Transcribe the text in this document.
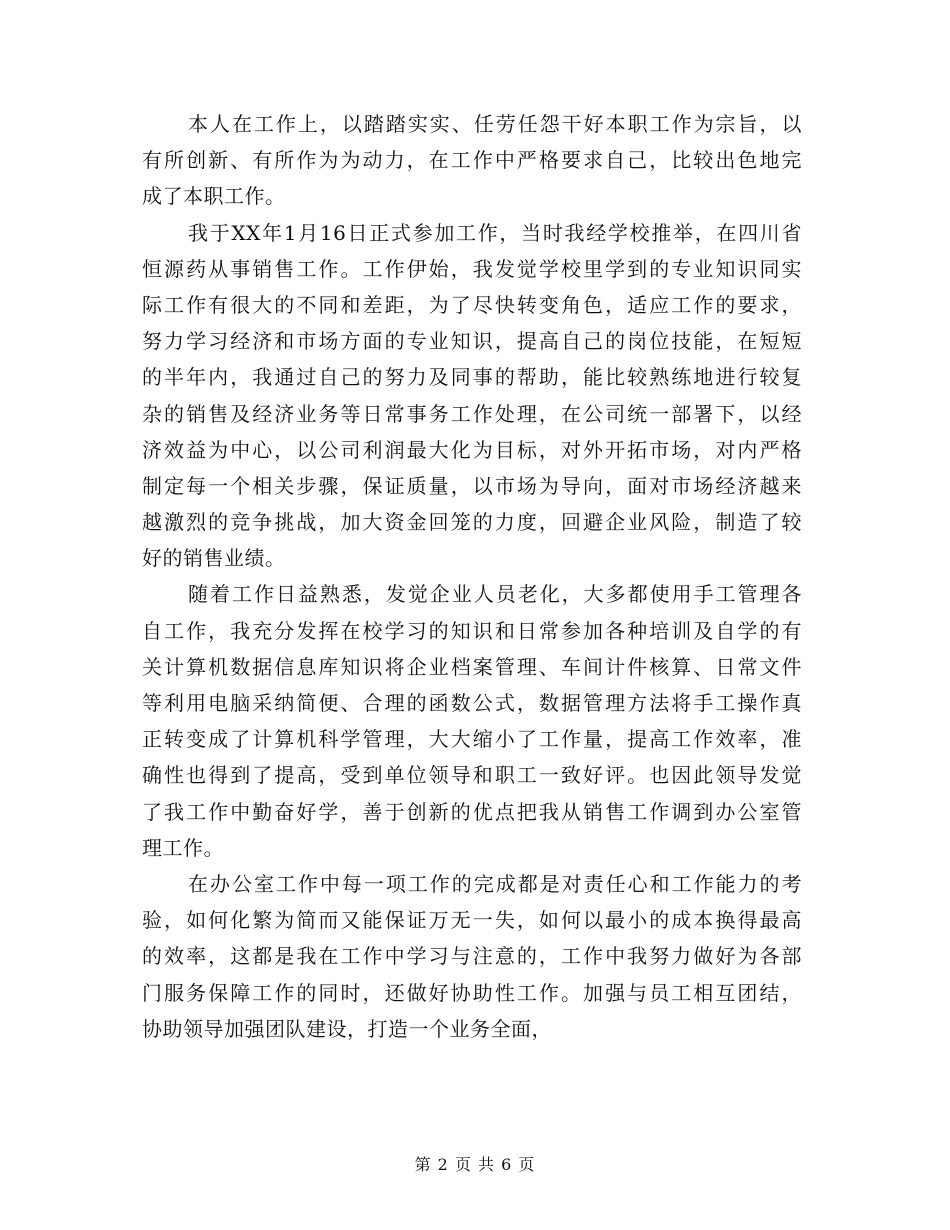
本人在工作上，以踏踏实实、任劳任怨干好本职工作为宗旨，以
有所创新、有所作为为动力，在工作中严格要求自己，比较出色地完
成了本职工作。
我于XX年1月16日正式参加工作，当时我经学校推举，在四川省
恒源药从事销售工作。工作伊始，我发觉学校里学到的专业知识同实
际工作有很大的不同和差距，为了尽快转变角色，适应工作的要求，
努力学习经济和市场方面的专业知识，提高自己的岗位技能，在短短
的半年内，我通过自己的努力及同事的帮助，能比较熟练地进行较复
杂的销售及经济业务等日常事务工作处理，在公司统一部署下，以经
济效益为中心，以公司利润最大化为目标，对外开拓市场，对内严格
制定每一个相关步骤，保证质量，以市场为导向，面对市场经济越来
越激烈的竞争挑战，加大资金回笼的力度，回避企业风险，制造了较
好的销售业绩。
随着工作日益熟悉，发觉企业人员老化，大多都使用手工管理各
自工作，我充分发挥在校学习的知识和日常参加各种培训及自学的有
关计算机数据信息库知识将企业档案管理、车间计件核算、日常文件
等利用电脑采纳简便、合理的函数公式，数据管理方法将手工操作真
正转变成了计算机科学管理，大大缩小了工作量，提高工作效率，准
确性也得到了提高，受到单位领导和职工一致好评。也因此领导发觉
了我工作中勤奋好学，善于创新的优点把我从销售工作调到办公室管
理工作。
在办公室工作中每一项工作的完成都是对责任心和工作能力的考
验，如何化繁为简而又能保证万无一失，如何以最小的成本换得最高
的效率，这都是我在工作中学习与注意的，工作中我努力做好为各部
门服务保障工作的同时，还做好协助性工作。加强与员工相互团结，
协助领导加强团队建设，打造一个业务全面，
第 2 页 共 6 页
